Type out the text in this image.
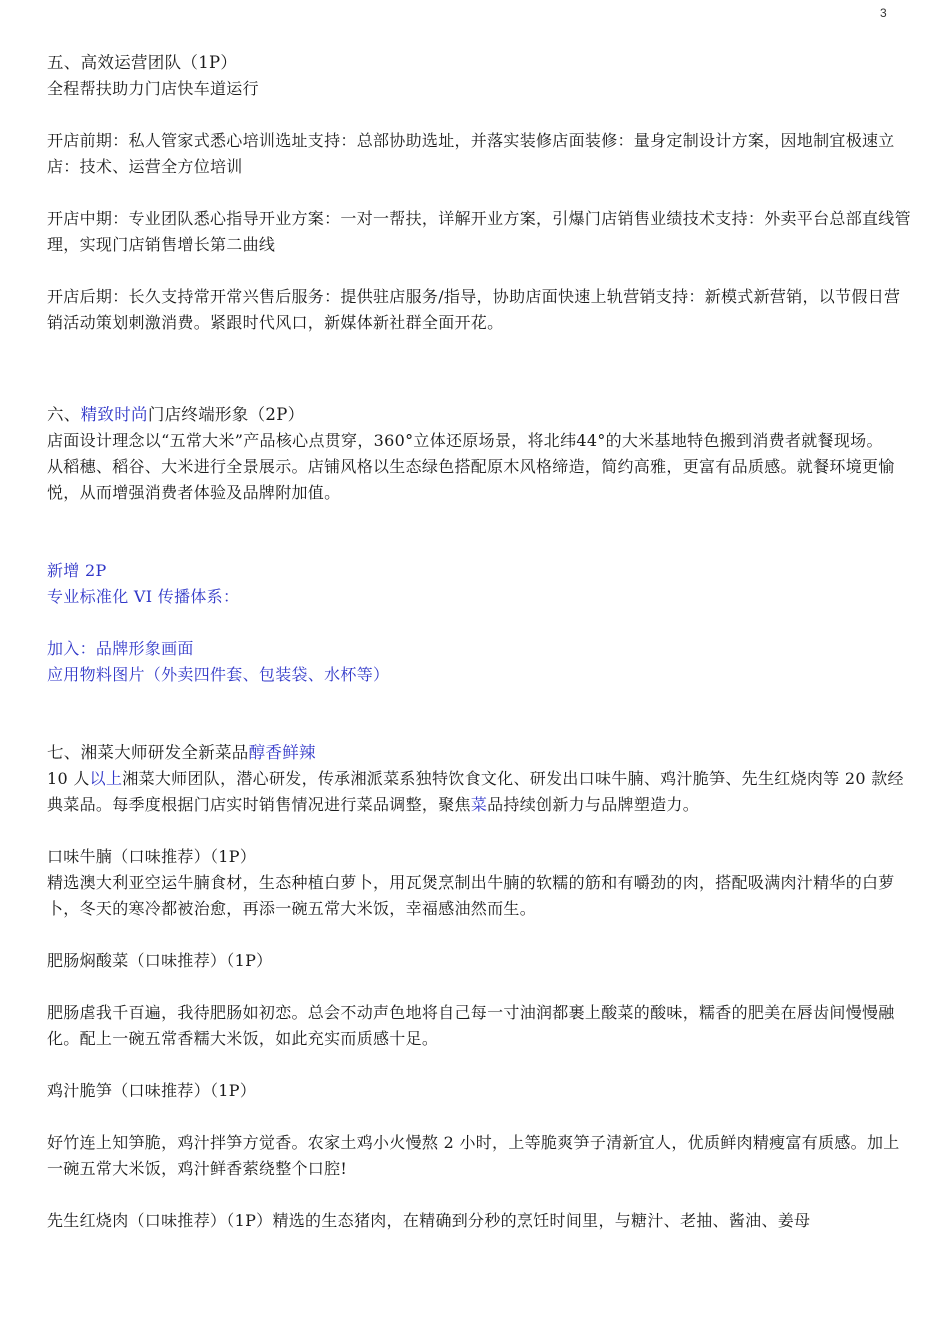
3

五、高效运营团队（1P）

全程帮扶助力门店快车道运行

开店前期：私人管家式悉心培训选址支持：总部协助选址，并落实装修店面装修：量身定制设计方案，因地制宜极速立店：技术、运营全方位培训

开店中期：专业团队悉心指导开业方案：一对一帮扶，详解开业方案，引爆门店销售业绩技术支持：外卖平台总部直线管理，实现门店销售增长第二曲线

开店后期：长久支持常开常兴售后服务：提供驻店服务/指导，协助店面快速上轨营销支持：新模式新营销，以节假日营销活动策划刺激消费。紧跟时代风口，新媒体新社群全面开花。

六、精致时尚门店终端形象（2P）

店面设计理念以“五常大米”产品核心点贯穿，360°立体还原场景，将北纬44°的大米基地特色搬到消费者就餐现场。

从稻穗、稻谷、大米进行全景展示。店铺风格以生态绿色搭配原木风格缔造，简约高雅，更富有品质感。就餐环境更愉悦，从而增强消费者体验及品牌附加值。

新增 2P

专业标准化 VI 传播体系：

加入：品牌形象画面

应用物料图片（外卖四件套、包装袋、水杯等）

七、湘菜大师研发全新菜品醇香鲜辣

10 人以上湘菜大师团队，潜心研发，传承湘派菜系独特饮食文化、研发出口味牛腩、鸡汁脆笋、先生红烧肉等 20 款经典菜品。每季度根据门店实时销售情况进行菜品调整，聚焦菜品持续创新力与品牌塑造力。

口味牛腩（口味推荐）（1P）

精选澳大利亚空运牛腩食材，生态种植白萝卜，用瓦煲烹制出牛腩的软糯的筋和有嚼劲的肉，搭配吸满肉汁精华的白萝卜，冬天的寒冷都被治愈，再添一碗五常大米饭，幸福感油然而生。

肥肠焖酸菜（口味推荐）（1P）

肥肠虐我千百遍，我待肥肠如初恋。总会不动声色地将自己每一寸油润都裹上酸菜的酸味，糯香的肥美在唇齿间慢慢融化。配上一碗五常香糯大米饭，如此充实而质感十足。

鸡汁脆笋（口味推荐）（1P）

好竹连上知笋脆，鸡汁拌笋方觉香。农家土鸡小火慢熬 2 小时，上等脆爽笋子清新宜人，优质鲜肉精瘦富有质感。加上一碗五常大米饭，鸡汁鲜香萦绕整个口腔!

先生红烧肉（口味推荐）（1P）精选的生态猪肉，在精确到分秒的烹饪时间里，与糖汁、老抽、酱油、姜母
